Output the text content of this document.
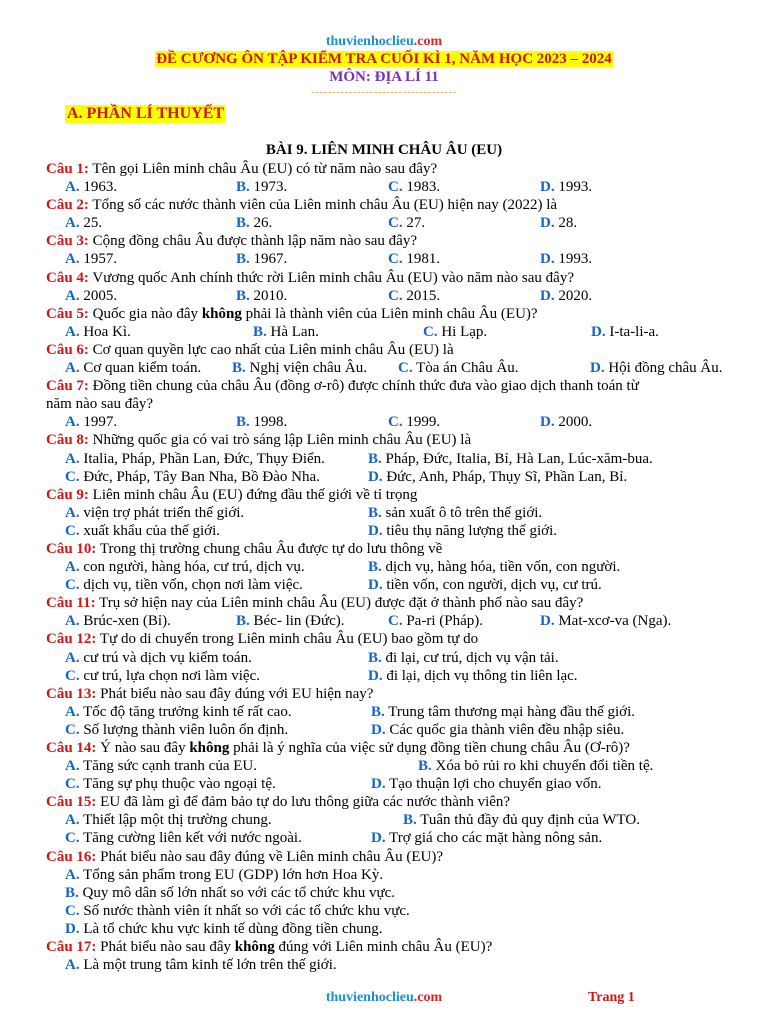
thuvienhoclieu.com
ĐỀ CƯƠNG ÔN TẬP KIỂM TRA CUỐI KÌ 1, NĂM HỌC 2023 – 2024
MÔN: ĐỊA LÍ 11
-----------------------------------
A. PHẦN LÍ THUYẾT
BÀI 9. LIÊN MINH CHÂU ÂU (EU)
Câu 1: Tên gọi Liên minh châu Âu (EU) có từ năm nào sau đây?
A. 1963.	B. 1973.	C. 1983.	D. 1993.
Câu 2: Tổng số các nước thành viên của Liên minh châu Âu (EU) hiện nay (2022) là
A. 25.	B. 26.	C. 27.	D. 28.
Câu 3: Cộng đồng châu Âu được thành lập năm nào sau đây?
A. 1957.	B. 1967.	C. 1981.	D. 1993.
Câu 4: Vương quốc Anh chính thức rời Liên minh châu Âu (EU) vào năm nào sau đây?
A. 2005.	B. 2010.	C. 2015.	D. 2020.
Câu 5: Quốc gia nào đây không phải là thành viên của Liên minh châu Âu (EU)?
A. Hoa Kì.	B. Hà Lan.	C. Hi Lạp.	D. I-ta-li-a.
Câu 6: Cơ quan quyền lực cao nhất của Liên minh châu Âu (EU) là
A. Cơ quan kiểm toán. B. Nghị viện châu Âu. C. Tòa án Châu Âu.	D. Hội đồng châu Âu.
Câu 7: Đồng tiền chung của châu Âu (đồng ơ-rô) được chính thức đưa vào giao dịch thanh toán từ
năm nào sau đây?
A. 1997.	B. 1998.	C. 1999.	D. 2000.
Câu 8: Những quốc gia có vai trò sáng lập Liên minh châu Âu (EU) là
A. Italia, Pháp, Phần Lan, Đức, Thụy Điển.	B. Pháp, Đức, Italia, Bỉ, Hà Lan, Lúc-xăm-bua.
C. Đức, Pháp, Tây Ban Nha, Bồ Đào Nha.	D. Đức, Anh, Pháp, Thụy Sĩ, Phần Lan, Bỉ.
Câu 9: Liên minh châu Âu (EU) đứng đầu thế giới về tỉ trọng
A. viện trợ phát triển thế giới.	B. sản xuất ô tô trên thế giới.
C. xuất khẩu của thế giới.	D. tiêu thụ năng lượng thế giới.
Câu 10: Trong thị trường chung châu Âu được tự do lưu thông về
A. con người, hàng hóa, cư trú, dịch vụ.	B. dịch vụ, hàng hóa, tiền vốn, con người.
C. dịch vụ, tiền vốn, chọn nơi làm việc.	D. tiền vốn, con người, dịch vụ, cư trú.
Câu 11: Trụ sở hiện nay của Liên minh châu Âu (EU) được đặt ở thành phố nào sau đây?
A. Brúc-xen (Bỉ).	B. Béc- lin (Đức).	C. Pa-ri (Pháp).	D. Mat-xcơ-va (Nga).
Câu 12: Tự do di chuyển trong Liên minh châu Âu (EU) bao gồm tự do
A. cư trú và dịch vụ kiểm toán.	B. đi lại, cư trú, dịch vụ vận tải.
C. cư trú, lựa chọn nơi làm việc.	D. đi lại, dịch vụ thông tin liên lạc.
Câu 13: Phát biểu nào sau đây đúng với EU hiện nay?
A. Tốc độ tăng trưởng kinh tế rất cao.	B. Trung tâm thương mại hàng đầu thế giới.
C. Số lượng thành viên luôn ổn định.	D. Các quốc gia thành viên đều nhập siêu.
Câu 14: Ý nào sau đây không phải là ý nghĩa của việc sử dụng đồng tiền chung châu Âu (Ơ-rô)?
A. Tăng sức cạnh tranh của EU.	B. Xóa bỏ rủi ro khi chuyển đổi tiền tệ.
C. Tăng sự phụ thuộc vào ngoại tệ.	D. Tạo thuận lợi cho chuyển giao vốn.
Câu 15: EU đã làm gì để đảm bảo tự do lưu thông giữa các nước thành viên?
A. Thiết lập một thị trường chung.	B. Tuân thủ đầy đủ quy định của WTO.
C. Tăng cường liên kết với nước ngoài.	D. Trợ giá cho các mặt hàng nông sản.
Câu 16: Phát biểu nào sau đây đúng về Liên minh châu Âu (EU)?
A. Tổng sản phẩm trong EU (GDP) lớn hơn Hoa Kỳ.
B. Quy mô dân số lớn nhất so với các tổ chức khu vực.
C. Số nước thành viên ít nhất so với các tổ chức khu vực.
D. Là tổ chức khu vực kinh tế dùng đồng tiền chung.
Câu 17: Phát biểu nào sau đây không đúng với Liên minh châu Âu (EU)?
A. Là một trung tâm kinh tế lớn trên thế giới.
thuvienhoclieu.com	Trang 1
